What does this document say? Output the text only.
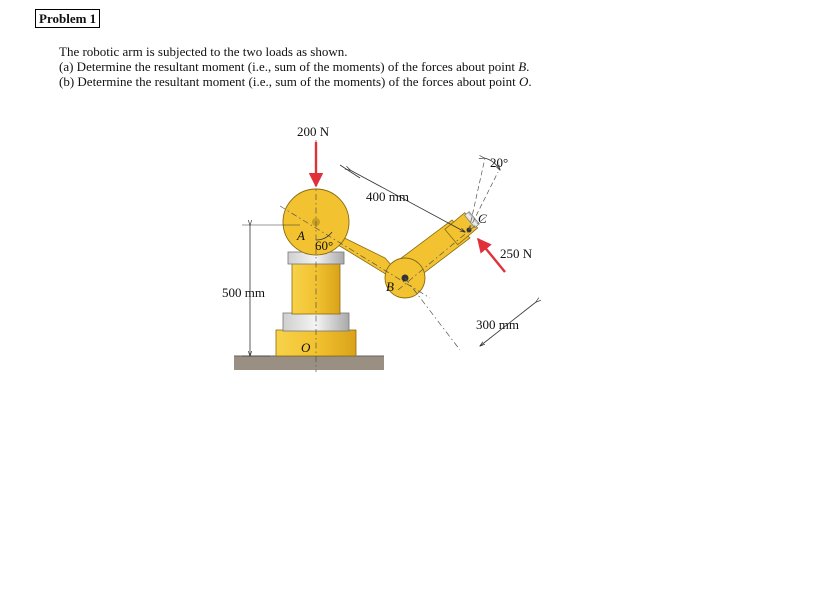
Problem 1
The robotic arm is subjected to the two loads as shown.
(a) Determine the resultant moment (i.e., sum of the moments) of the forces about point B.
(b) Determine the resultant moment (i.e., sum of the moments) of the forces about point O.
200 N
250 N
400 mm
300 mm
500 mm
60°
20°
A
B
C
O
